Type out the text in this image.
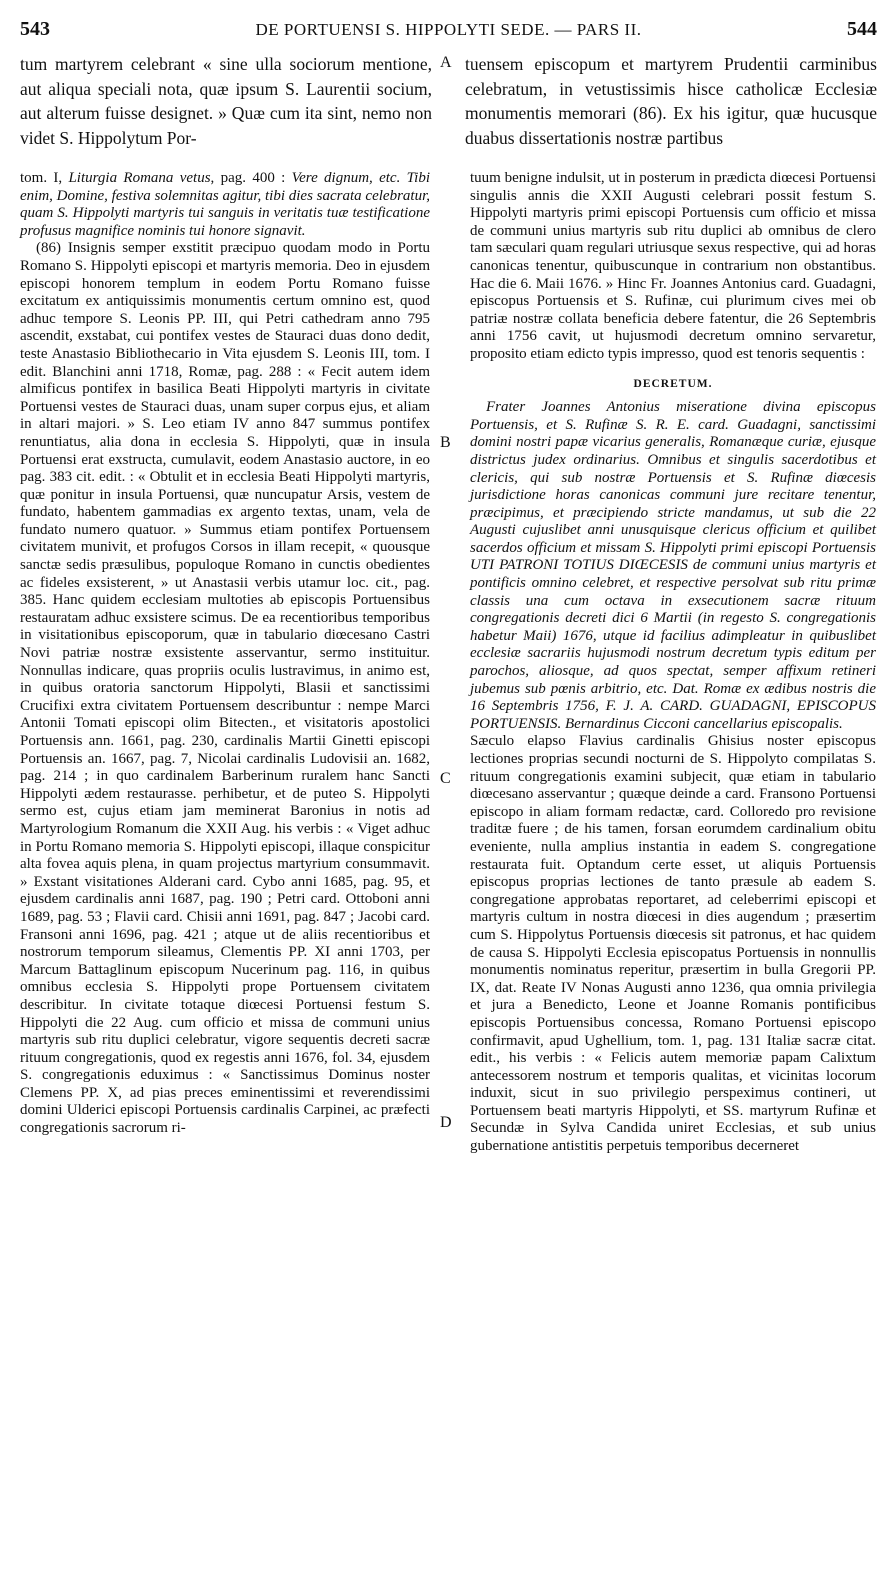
543	DE PORTUENSI S. HIPPOLYTI SEDE. — PARS II.	544
A
B
C
D

tum martyrem celebrant « sine ulla sociorum mentione, aut aliqua speciali nota, quæ ipsum S. Laurentii socium, aut alterum fuisse designet. » Quæ cum ita sint, nemo non videt S. Hippolytum Por-

tuensem episcopum et martyrem Prudentii carminibus celebratum, in vetustissimis hisce catholicæ Ecclesiæ monumentis memorari (86). Ex his igitur, quæ hucusque duabus dissertationis nostræ partibus

tom. I, Liturgia Romana vetus, pag. 400 : Vere dignum, etc. Tibi enim, Domine, festiva solemnitas agitur, tibi dies sacrata celebratur, quam S. Hippolyti martyris tui sanguis in veritatis tuæ testificatione profusus magnifice nominis tui honore signavit.

(86) Insignis semper exstitit præcipuo quodam modo in Portu Romano S. Hippolyti episcopi et martyris memoria. Deo in ejusdem episcopi honorem templum in eodem Portu Romano fuisse excitatum ex antiquissimis monumentis certum omnino est, quod adhuc tempore S. Leonis PP. III, qui Petri cathedram anno 795 ascendit, exstabat, cui pontifex vestes de Stauraci duas dono dedit, teste Anastasio Bibliothecario in Vita ejusdem S. Leonis III, tom. I edit. Blanchini anni 1718, Romæ, pag. 288 : « Fecit autem idem almificus pontifex in basilica Beati Hippolyti martyris in civitate Portuensi vestes de Stauraci duas, unam super corpus ejus, et aliam in altari majori. » S. Leo etiam IV anno 847 summus pontifex renuntiatus, alia dona in ecclesia S. Hippolyti, quæ in insula Portuensi erat exstructa, cumulavit, eodem Anastasio auctore, in eo pag. 383 cit. edit. : « Obtulit et in ecclesia Beati Hippolyti martyris, quæ ponitur in insula Portuensi, quæ nuncupatur Arsis, vestem de fundato, habentem gammadias ex argento textas, unam, vela de fundato numero quatuor. » Summus etiam pontifex Portuensem civitatem munivit, et profugos Corsos in illam recepit, « quousque sanctæ sedis præsulibus, populoque Romano in cunctis obedientes ac fideles exsisterent, » ut Anastasii verbis utamur loc. cit., pag. 385. Hanc quidem ecclesiam multoties ab episcopis Portuensibus restauratam adhuc exsistere scimus. De ea recentioribus temporibus in visitationibus episcoporum, quæ in tabulario diœcesano Castri Novi patriæ nostræ exsistente asservantur, sermo instituitur. Nonnullas indicare, quas propriis oculis lustravimus, in animo est, in quibus oratoria sanctorum Hippolyti, Blasii et sanctissimi Crucifixi extra civitatem Portuensem describuntur : nempe Marci Antonii Tomati episcopi olim Bitecten., et visitatoris apostolici Portuensis ann. 1661, pag. 230, cardinalis Martii Ginetti episcopi Portuensis an. 1667, pag. 7, Nicolai cardinalis Ludovisii an. 1682, pag. 214 ; in quo cardinalem Barberinum ruralem hanc Sancti Hippolyti ædem restaurasse. perhibetur, et de puteo S. Hippolyti sermo est, cujus etiam jam meminerat Baronius in notis ad Martyrologium Romanum die XXII Aug. his verbis : « Viget adhuc in Portu Romano memoria S. Hippolyti episcopi, illaque conspicitur alta fovea aquis plena, in quam projectus martyrium consummavit. » Exstant visitationes Alderani card. Cybo anni 1685, pag. 95, et ejusdem cardinalis anni 1687, pag. 190 ; Petri card. Ottoboni anni 1689, pag. 53 ; Flavii card. Chisii anni 1691, pag. 847 ; Jacobi card. Fransoni anni 1696, pag. 421 ; atque ut de aliis recentioribus et nostrorum temporum sileamus, Clementis PP. XI anni 1703, per Marcum Battaglinum episcopum Nucerinum pag. 116, in quibus omnibus ecclesia S. Hippolyti prope Portuensem civitatem describitur. In civitate totaque diœcesi Portuensi festum S. Hippolyti die 22 Aug. cum officio et missa de communi unius martyris sub ritu duplici celebratur, vigore sequentis decreti sacræ rituum congregationis, quod ex regestis anni 1676, fol. 34, ejusdem S. congregationis eduximus : « Sanctissimus Dominus noster Clemens PP. X, ad pias preces eminentissimi et reverendissimi domini Ulderici episcopi Portuensis cardinalis Carpinei, ac præfecti congregationis sacrorum ri-

tuum benigne indulsit, ut in posterum in prædicta diœcesi Portuensi singulis annis die XXII Augusti celebrari possit festum S. Hippolyti martyris primi episcopi Portuensis cum officio et missa de communi unius martyris sub ritu duplici ab omnibus de clero tam sæculari quam regulari utriusque sexus respective, qui ad horas canonicas tenentur, quibuscunque in contrarium non obstantibus. Hac die 6. Maii 1676. » Hinc Fr. Joannes Antonius card. Guadagni, episcopus Portuensis et S. Rufinæ, cui plurimum cives mei ob patriæ nostræ collata beneficia debere fatentur, die 26 Septembris anni 1756 cavit, ut hujusmodi decretum omnino servaretur, proposito etiam edicto typis impresso, quod est tenoris sequentis :

DECRETUM.

Frater Joannes Antonius miseratione divina episcopus Portuensis, et S. Rufinæ S. R. E. card. Guadagni, sanctissimi domini nostri papæ vicarius generalis, Romanæque curiæ, ejusque districtus judex ordinarius. Omnibus et singulis sacerdotibus et clericis, qui sub nostræ Portuensis et S. Rufinæ diœcesis jurisdictione horas canonicas communi jure recitare tenentur, præcipimus, et præcipiendo stricte mandamus, ut sub die 22 Augusti cujuslibet anni unusquisque clericus officium et quilibet sacerdos officium et missam S. Hippolyti primi episcopi Portuensis UTI PATRONI TOTIUS DIŒCESIS de communi unius martyris et pontificis omnino celebret, et respective persolvat sub ritu primæ classis una cum octava in exsecutionem sacræ rituum congregationis decreti dici 6 Martii (in regesto S. congregationis habetur Maii) 1676, utque id facilius adimpleatur in quibuslibet ecclesiæ sacrariis hujusmodi nostrum decretum typis editum per parochos, aliosque, ad quos spectat, semper affixum retineri jubemus sub pœnis arbitrio, etc. Dat. Romæ ex ædibus nostris die 16 Septembris 1756, F. J. A. CARD. GUADAGNI, EPISCOPUS PORTUENSIS. Bernardinus Cicconi cancellarius episcopalis.

Sæculo elapso Flavius cardinalis Ghisius noster episcopus lectiones proprias secundi nocturni de S. Hippolyto compilatas S. rituum congregationis examini subjecit, quæ etiam in tabulario diœcesano asservantur ; quæque deinde a card. Fransono Portuensi episcopo in aliam formam redactæ, card. Colloredo pro revisione traditæ fuere ; de his tamen, forsan eorumdem cardinalium obitu eveniente, nulla amplius instantia in eadem S. congregatione restaurata fuit. Optandum certe esset, ut aliquis Portuensis episcopus proprias lectiones de tanto præsule ab eadem S. congregatione approbatas reportaret, ad celeberrimi episcopi et martyris cultum in nostra diœcesi in dies augendum ; præsertim cum S. Hippolytus Portuensis diœcesis sit patronus, et hac quidem de causa S. Hippolyti Ecclesia episcopatus Portuensis in nonnullis monumentis nominatus reperitur, præsertim in bulla Gregorii PP. IX, dat. Reate IV Nonas Augusti anno 1236, qua omnia privilegia et jura a Benedicto, Leone et Joanne Romanis pontificibus episcopis Portuensibus concessa, Romano Portuensi episcopo confirmavit, apud Ughellium, tom. 1, pag. 131 Italiæ sacræ citat. edit., his verbis : « Felicis autem memoriæ papam Calixtum antecessorem nostrum et temporis qualitas, et vicinitas locorum induxit, sicut in suo privilegio perspeximus contineri, ut Portuensem beati martyris Hippolyti, et SS. martyrum Rufinæ et Secundæ in Sylva Candida uniret Ecclesias, et sub unius gubernatione antistitis perpetuis temporibus decerneret
